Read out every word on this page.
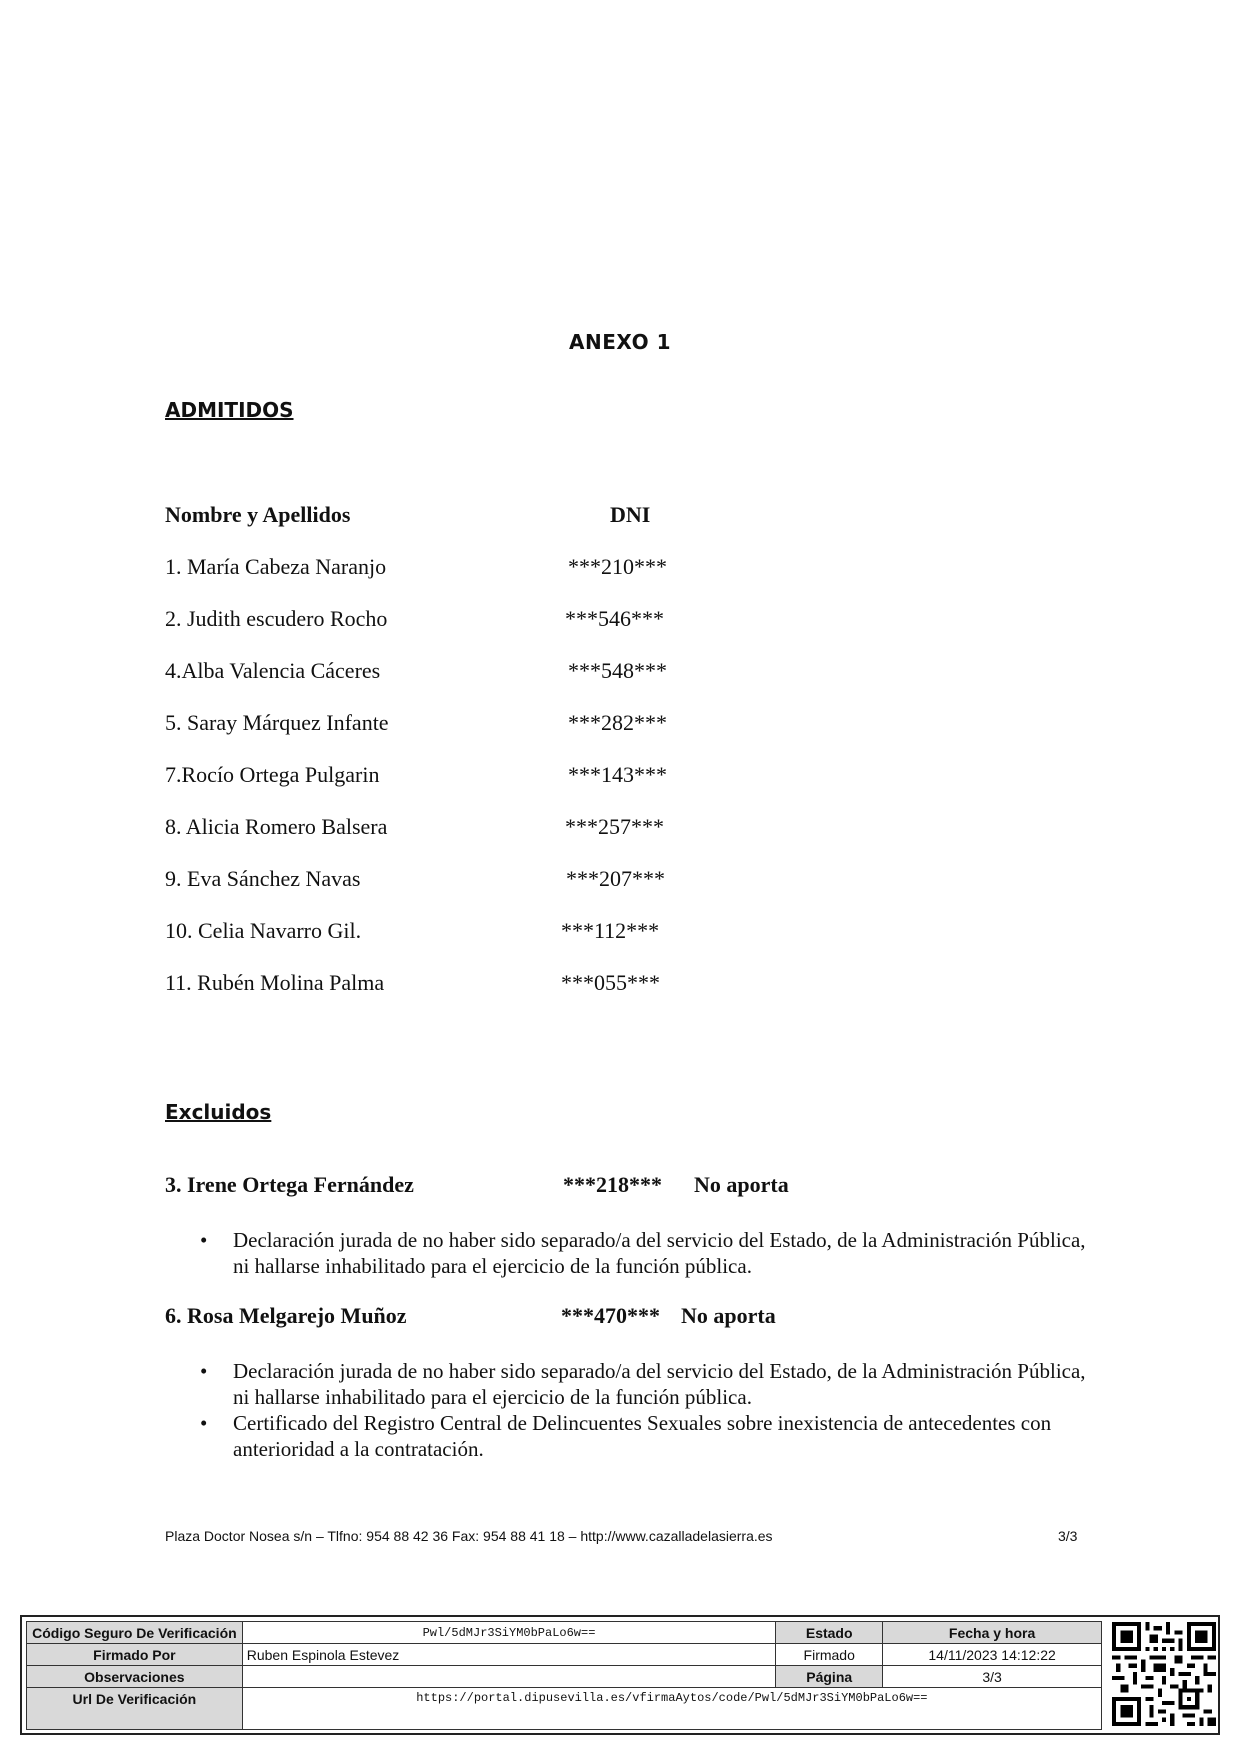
ANEXO 1
ADMITIDOS
Nombre y Apellidos	DNI
1. María Cabeza Naranjo	***210***
2. Judith escudero Rocho	***546***
4.Alba Valencia Cáceres	***548***
5. Saray Márquez Infante	***282***
7.Rocío Ortega Pulgarin	***143***
8. Alicia Romero Balsera	***257***
9. Eva Sánchez Navas	***207***
10. Celia Navarro Gil.	***112***
11. Rubén Molina Palma	***055***
Excluidos
3. Irene Ortega Fernández	***218*** No aporta
• Declaración jurada de no haber sido separado/a del servicio del Estado, de la Administración Pública, ni hallarse inhabilitado para el ejercicio de la función pública.
6. Rosa Melgarejo Muñoz	***470*** No aporta
• Declaración jurada de no haber sido separado/a del servicio del Estado, de la Administración Pública, ni hallarse inhabilitado para el ejercicio de la función pública.
• Certificado del Registro Central de Delincuentes Sexuales sobre inexistencia de antecedentes con anterioridad a la contratación.
Plaza Doctor Nosea s/n – Tlfno: 954 88 42 36 Fax: 954 88 41 18 – http://www.cazalladelasierra.es	3/3
Código Seguro De Verificación	Pwl/5dMJr3SiYM0bPaLo6w==	Estado	Fecha y hora
Firmado Por	Ruben Espinola Estevez	Firmado	14/11/2023 14:12:22
Observaciones		Página	3/3
Url De Verificación	https://portal.dipusevilla.es/vfirmaAytos/code/Pwl/5dMJr3SiYM0bPaLo6w==		
